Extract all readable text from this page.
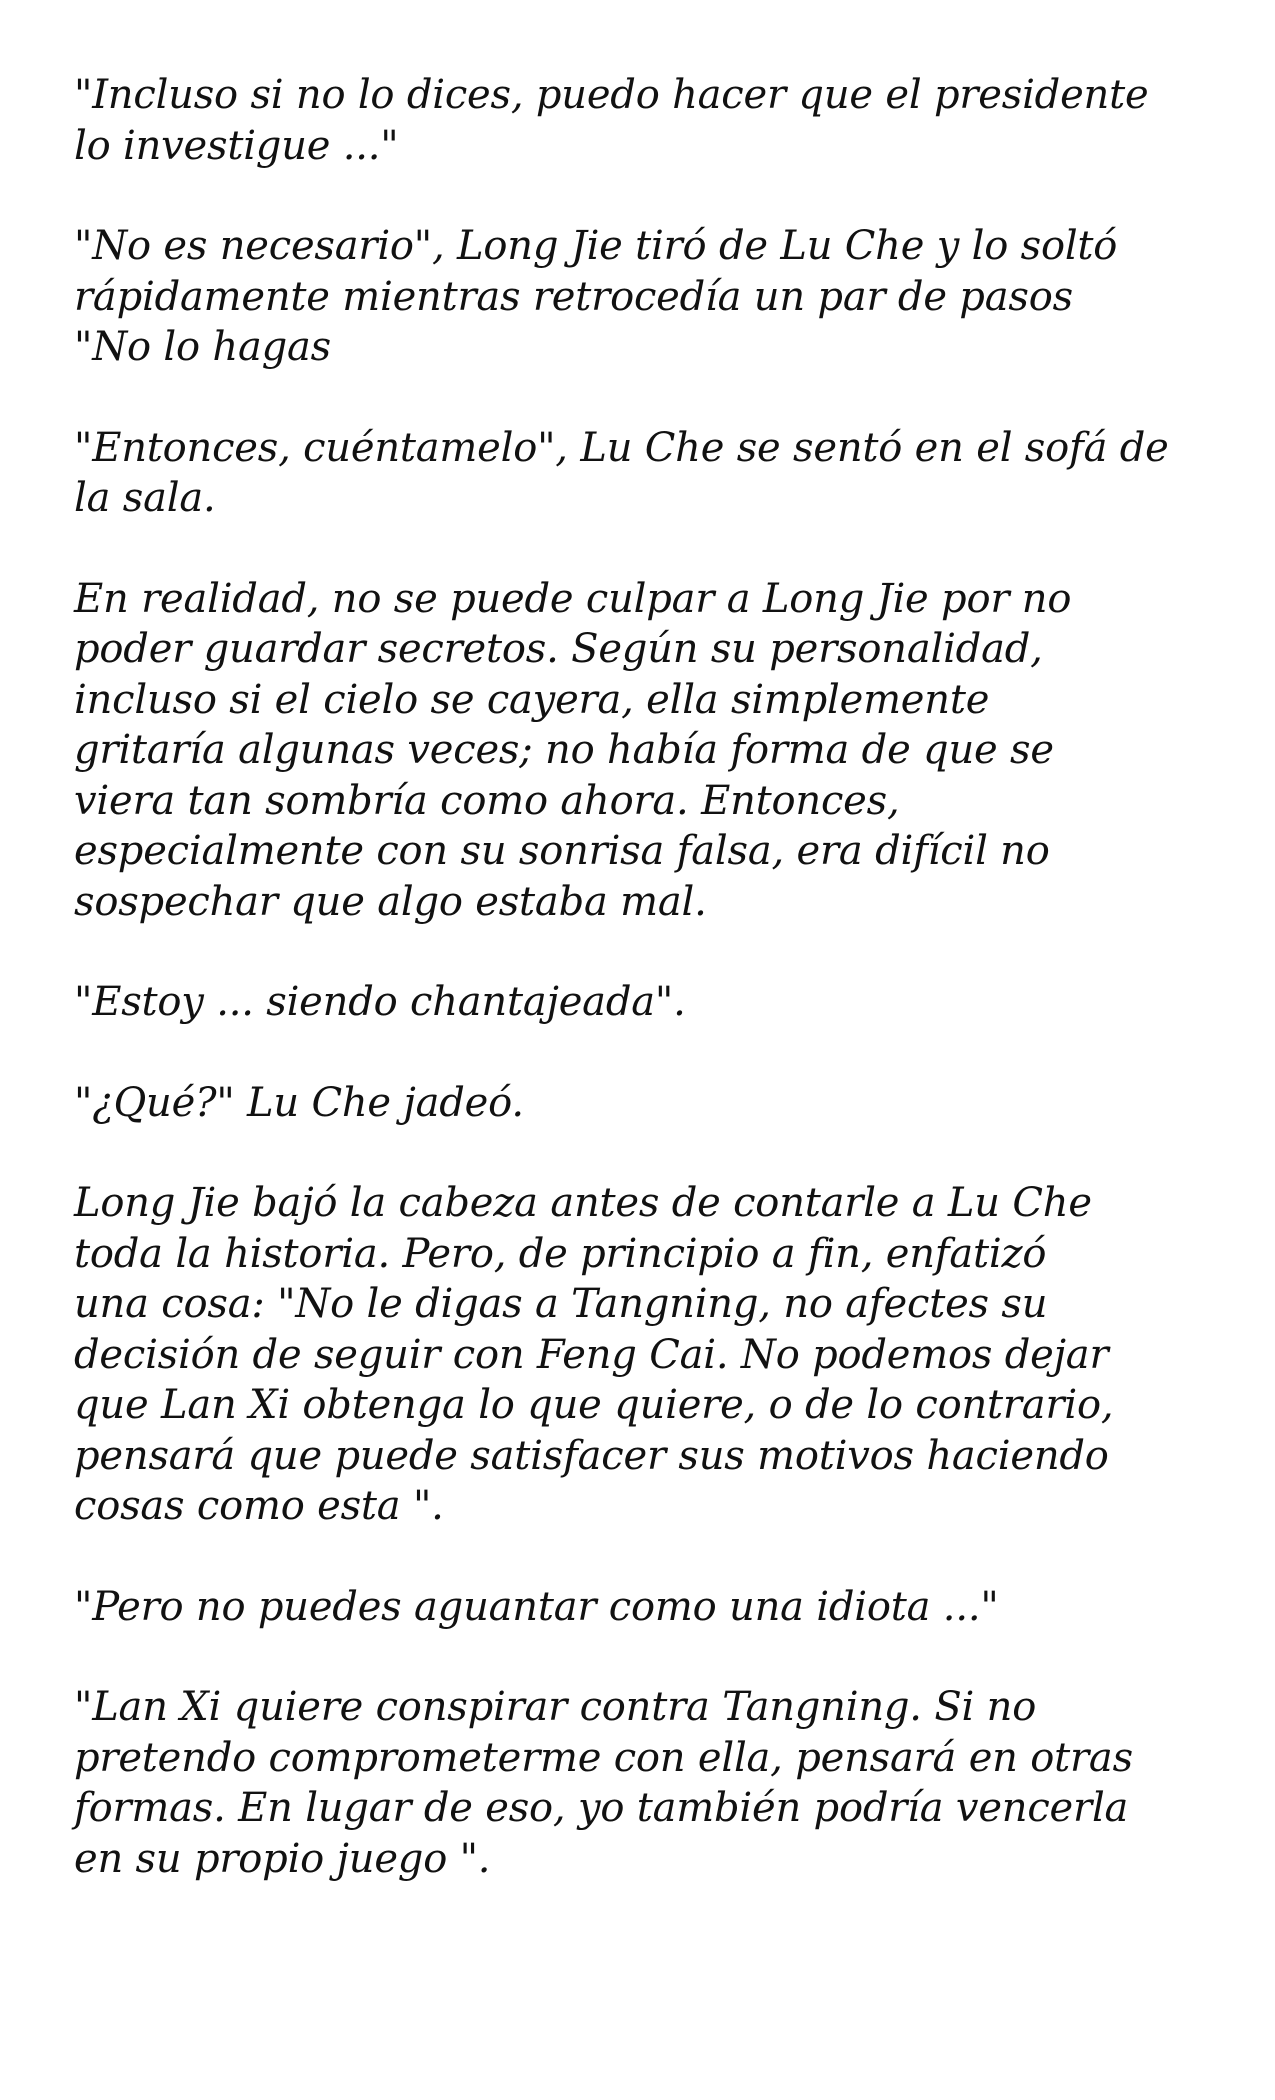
"Incluso si no lo dices, puedo hacer que el presidente
lo investigue ..."

"No es necesario", Long Jie tiró de Lu Che y lo soltó
rápidamente mientras retrocedía un par de pasos
"No lo hagas

"Entonces, cuéntamelo", Lu Che se sentó en el sofá de
la sala.

En realidad, no se puede culpar a Long Jie por no
poder guardar secretos. Según su personalidad,
incluso si el cielo se cayera, ella simplemente
gritaría algunas veces; no había forma de que se
viera tan sombría como ahora. Entonces,
especialmente con su sonrisa falsa, era difícil no
sospechar que algo estaba mal.

"Estoy ... siendo chantajeada".

"¿Qué?" Lu Che jadeó.

Long Jie bajó la cabeza antes de contarle a Lu Che
toda la historia. Pero, de principio a fin, enfatizó
una cosa: "No le digas a Tangning, no afectes su
decisión de seguir con Feng Cai. No podemos dejar
que Lan Xi obtenga lo que quiere, o de lo contrario,
pensará que puede satisfacer sus motivos haciendo
cosas como esta ".

"Pero no puedes aguantar como una idiota ..."

"Lan Xi quiere conspirar contra Tangning. Si no
pretendo comprometerme con ella, pensará en otras
formas. En lugar de eso, yo también podría vencerla
en su propio juego ".
